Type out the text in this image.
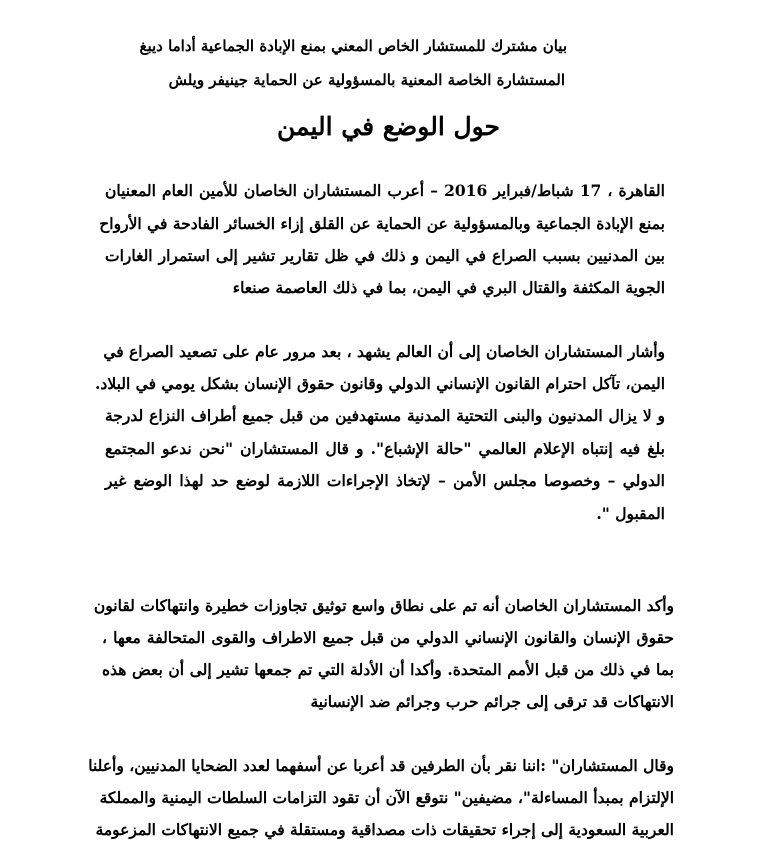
بيان مشترك للمستشار الخاص المعني بمنع الإبادة الجماعية أداما ديبغ
المستشارة الخاصة المعنية بالمسؤولية عن الحماية جينيفر ويلش
حول الوضع في اليمن
القاهرة ، 17 شباط/فبراير 2016 – أعرب المستشاران الخاصان للأمين العام المعنيان
بمنع الإبادة الجماعية وبالمسؤولية عن الحماية عن القلق إزاء الخسائر الفادحة في الأرواح
بين المدنيين بسبب الصراع في اليمن و ذلك في ظل تقارير تشير إلى استمرار الغارات
الجوية المكثفة والقتال البري في اليمن، بما في ذلك العاصمة صنعاء
وأشار المستشاران الخاصان إلى أن العالم يشهد ، بعد مرور عام على تصعيد الصراع في
اليمن، تآكل احترام القانون الإنساني الدولي وقانون حقوق الإنسان بشكل يومي في البلاد.
و لا يزال المدنيون والبنى التحتية المدنية مستهدفين من قبل جميع أطراف النزاع لدرجة
بلغ فيه إنتباه الإعلام العالمي "حالة الإشباع". و قال المستشاران "نحن ندعو المجتمع
الدولي – وخصوصا مجلس الأمن – لإتخاذ الإجراءات اللازمة لوضع حد لهذا الوضع غير
المقبول ".
وأكد المستشاران الخاصان أنه تم على نطاق واسع توثيق تجاوزات خطيرة وانتهاكات لقانون
حقوق الإنسان والقانون الإنساني الدولي من قبل جميع الاطراف والقوى المتحالفة معها ،
بما في ذلك من قبل الأمم المتحدة. وأكدا أن الأدلة التي تم جمعها تشير إلى أن بعض هذه
الانتهاكات قد ترقى إلى جرائم حرب وجرائم ضد الإنسانية
وقال المستشاران" :اننا نقر بأن الطرفين قد أعربا عن أسفهما لعدد الضحايا المدنيين، وأعلنا
الإلتزام بمبدأ المساءلة"، مضيفين" نتوقع الآن أن تقود التزامات السلطات اليمنية والمملكة
العربية السعودية إلى إجراء تحقيقات ذات مصداقية ومستقلة في جميع الانتهاكات المزعومة
